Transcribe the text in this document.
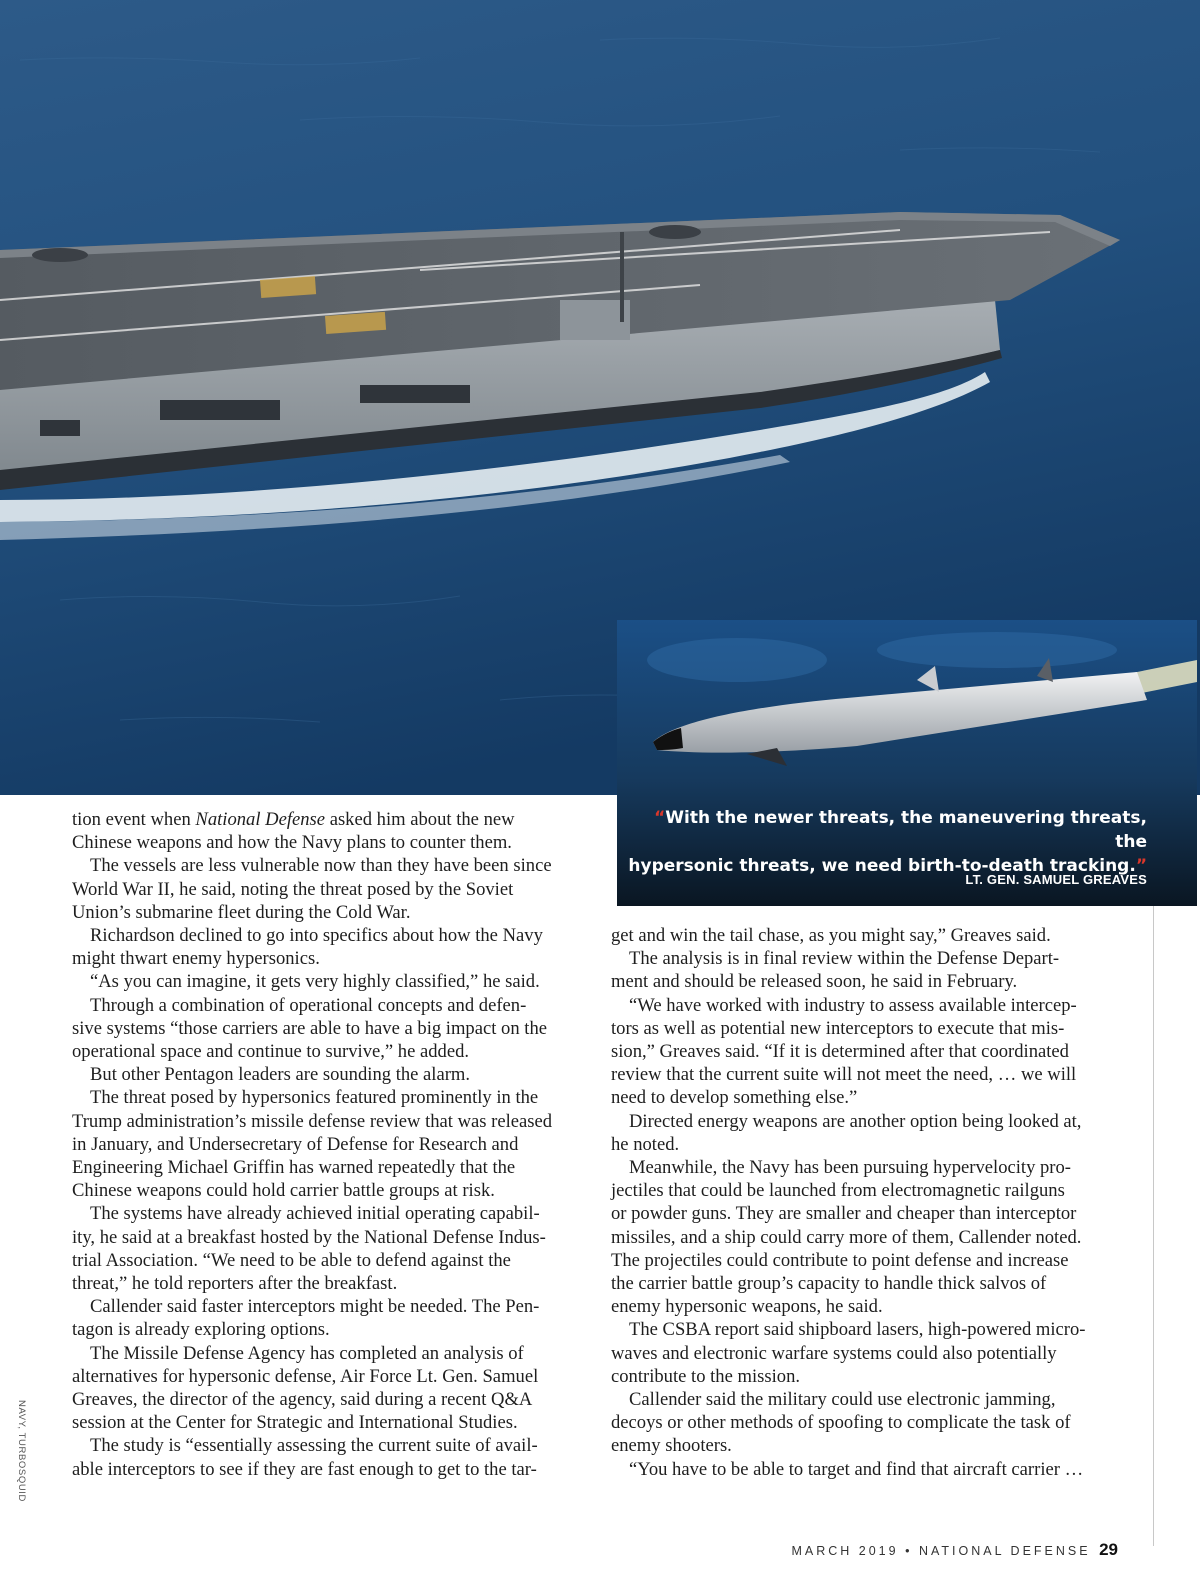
“With the newer threats, the maneuvering threats, the
hypersonic threats, we need birth-to-death tracking.”
LT. GEN. SAMUEL GREAVES

tion event when National Defense asked him about the new

Chinese weapons and how the Navy plans to counter them.

The vessels are less vulnerable now than they have been since

World War II, he said, noting the threat posed by the Soviet

Union’s submarine fleet during the Cold War.

Richardson declined to go into specifics about how the Navy

might thwart enemy hypersonics.

“As you can imagine, it gets very highly classified,” he said.

Through a combination of operational concepts and defen-

sive systems “those carriers are able to have a big impact on the

operational space and continue to survive,” he added.

But other Pentagon leaders are sounding the alarm.

The threat posed by hypersonics featured prominently in the

Trump administration’s missile defense review that was released

in January, and Undersecretary of Defense for Research and

Engineering Michael Griffin has warned repeatedly that the

Chinese weapons could hold carrier battle groups at risk.

The systems have already achieved initial operating capabil-

ity, he said at a breakfast hosted by the National Defense Indus-

trial Association. “We need to be able to defend against the

threat,” he told reporters after the breakfast.

Callender said faster interceptors might be needed. The Pen-

tagon is already exploring options.

The Missile Defense Agency has completed an analysis of

alternatives for hypersonic defense, Air Force Lt. Gen. Samuel

Greaves, the director of the agency, said during a recent Q&A

session at the Center for Strategic and International Studies.

The study is “essentially assessing the current suite of avail-

able interceptors to see if they are fast enough to get to the tar-

get and win the tail chase, as you might say,” Greaves said.

The analysis is in final review within the Defense Depart-

ment and should be released soon, he said in February.

“We have worked with industry to assess available intercep-

tors as well as potential new interceptors to execute that mis-

sion,” Greaves said. “If it is determined after that coordinated

review that the current suite will not meet the need, … we will

need to develop something else.”

Directed energy weapons are another option being looked at,

he noted.

Meanwhile, the Navy has been pursuing hypervelocity pro-

jectiles that could be launched from electromagnetic railguns

or powder guns. They are smaller and cheaper than interceptor

missiles, and a ship could carry more of them, Callender noted.

The projectiles could contribute to point defense and increase

the carrier battle group’s capacity to handle thick salvos of

enemy hypersonic weapons, he said.

The CSBA report said shipboard lasers, high-powered micro-

waves and electronic warfare systems could also potentially

contribute to the mission.

Callender said the military could use electronic jamming,

decoys or other methods of spoofing to complicate the task of

enemy shooters.

“You have to be able to target and find that aircraft carrier …

NAVY, TURBOSQUID
MARCH 2019 • NATIONAL DEFENSE 29
